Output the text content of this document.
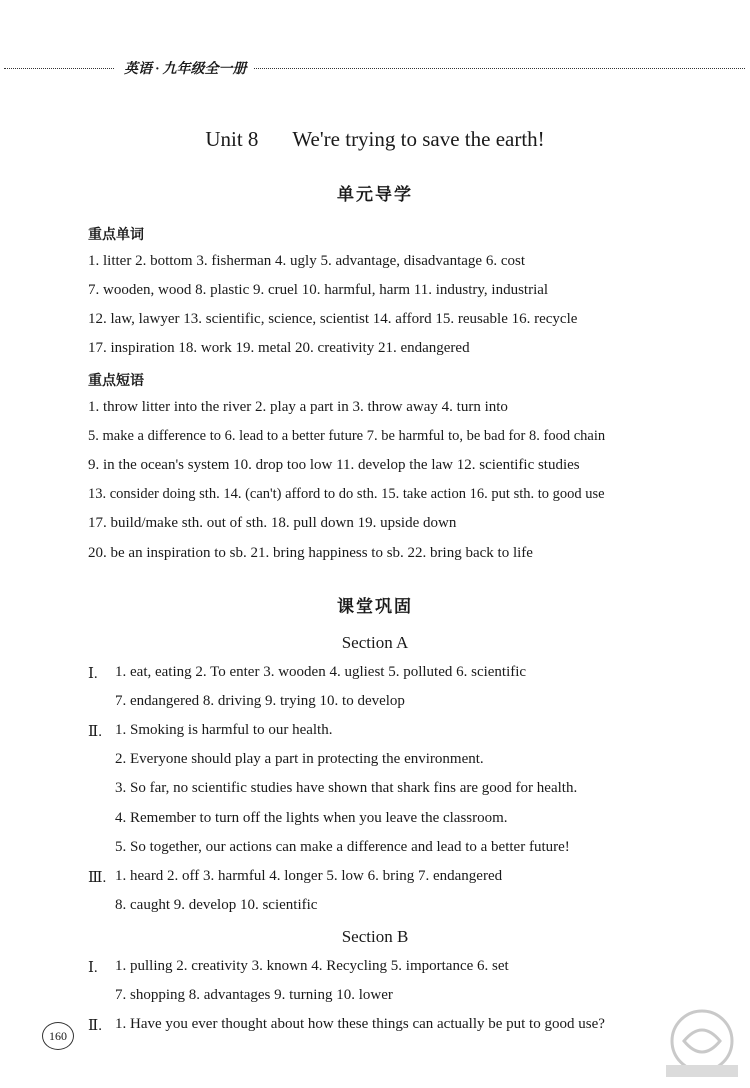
英语 · 九年级全一册
Unit 8 We're trying to save the earth!
单元导学
重点单词
1. litter 2. bottom 3. fisherman 4. ugly 5. advantage, disadvantage 6. cost
7. wooden, wood 8. plastic 9. cruel 10. harmful, harm 11. industry, industrial
12. law, lawyer 13. scientific, science, scientist 14. afford 15. reusable 16. recycle
17. inspiration 18. work 19. metal 20. creativity 21. endangered
重点短语
1. throw litter into the river 2. play a part in 3. throw away 4. turn into
5. make a difference to 6. lead to a better future 7. be harmful to, be bad for 8. food chain
9. in the ocean's system 10. drop too low 11. develop the law 12. scientific studies
13. consider doing sth. 14. (can't) afford to do sth. 15. take action 16. put sth. to good use
17. build/make sth. out of sth. 18. pull down 19. upside down
20. be an inspiration to sb. 21. bring happiness to sb. 22. bring back to life
课堂巩固
Section A
Ⅰ. 1. eat, eating 2. To enter 3. wooden 4. ugliest 5. polluted 6. scientific
7. endangered 8. driving 9. trying 10. to develop
Ⅱ. 1. Smoking is harmful to our health.
2. Everyone should play a part in protecting the environment.
3. So far, no scientific studies have shown that shark fins are good for health.
4. Remember to turn off the lights when you leave the classroom.
5. So together, our actions can make a difference and lead to a better future!
Ⅲ. 1. heard 2. off 3. harmful 4. longer 5. low 6. bring 7. endangered
8. caught 9. develop 10. scientific
Section B
Ⅰ. 1. pulling 2. creativity 3. known 4. Recycling 5. importance 6. set
7. shopping 8. advantages 9. turning 10. lower
Ⅱ. 1. Have you ever thought about how these things can actually be put to good use?
160
